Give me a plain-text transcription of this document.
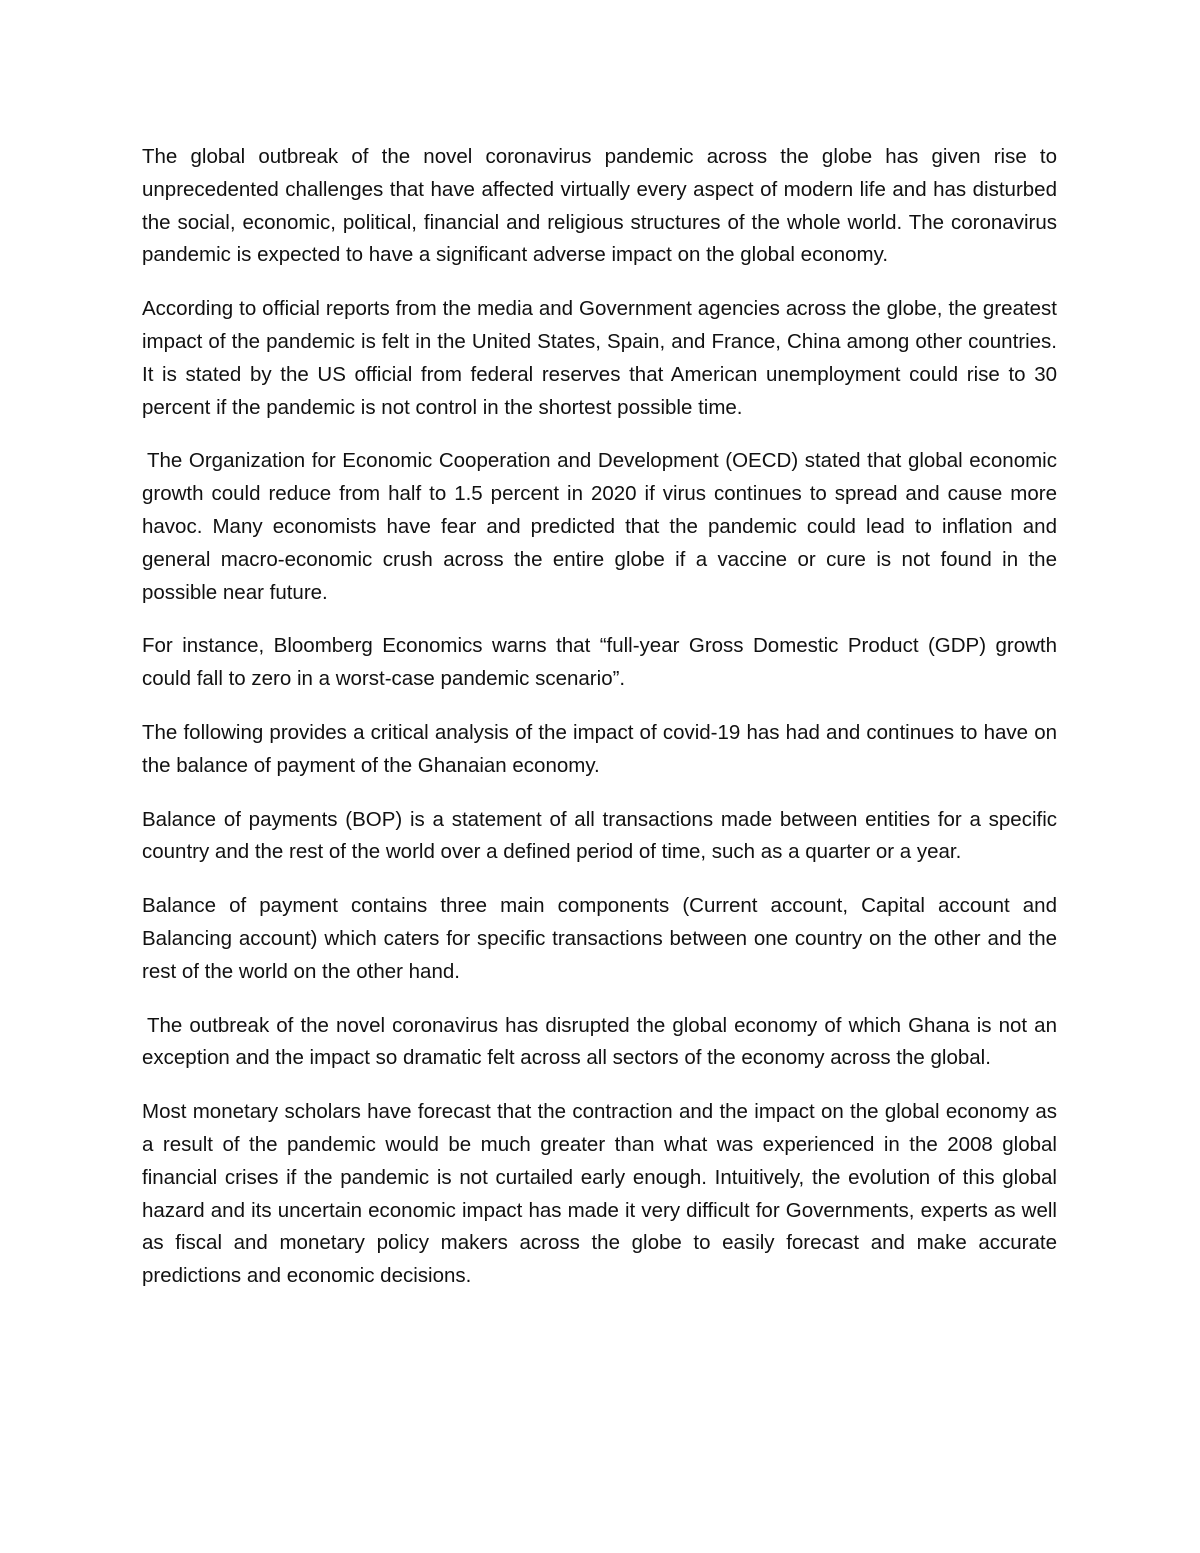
The global outbreak of the novel coronavirus pandemic across the globe has given rise to unprecedented challenges that have affected virtually every aspect of modern life and has disturbed the social, economic, political, financial and religious structures of the whole world. The coronavirus pandemic is expected to have a significant adverse impact on the global economy.

According to official reports from the media and Government agencies across the globe, the greatest impact of the pandemic is felt in the United States, Spain, and France, China among other countries. It is stated by the US official from federal reserves that American unemployment could rise to 30 percent if the pandemic is not control in the shortest possible time.

The Organization for Economic Cooperation and Development (OECD) stated that global economic growth could reduce from half to 1.5 percent in 2020 if virus continues to spread and cause more havoc. Many economists have fear and predicted that the pandemic could lead to inflation and general macro-economic crush across the entire globe if a vaccine or cure is not found in the possible near future.

For instance, Bloomberg Economics warns that “full-year Gross Domestic Product (GDP) growth could fall to zero in a worst-case pandemic scenario”.

The following provides a critical analysis of the impact of covid-19 has had and continues to have on the balance of payment of the Ghanaian economy.

Balance of payments (BOP) is a statement of all transactions made between entities for a specific country and the rest of the world over a defined period of time, such as a quarter or a year.

Balance of payment contains three main components (Current account, Capital account and Balancing account) which caters for specific transactions between one country on the other and the rest of the world on the other hand.

The outbreak of the novel coronavirus has disrupted the global economy of which Ghana is not an exception and the impact so dramatic felt across all sectors of the economy across the global.

Most monetary scholars have forecast that the contraction and the impact on the global economy as a result of the pandemic would be much greater than what was experienced in the 2008 global financial crises if the pandemic is not curtailed early enough. Intuitively, the evolution of this global hazard and its uncertain economic impact has made it very difficult for Governments, experts as well as fiscal and monetary policy makers across the globe to easily forecast and make accurate predictions and economic decisions.
